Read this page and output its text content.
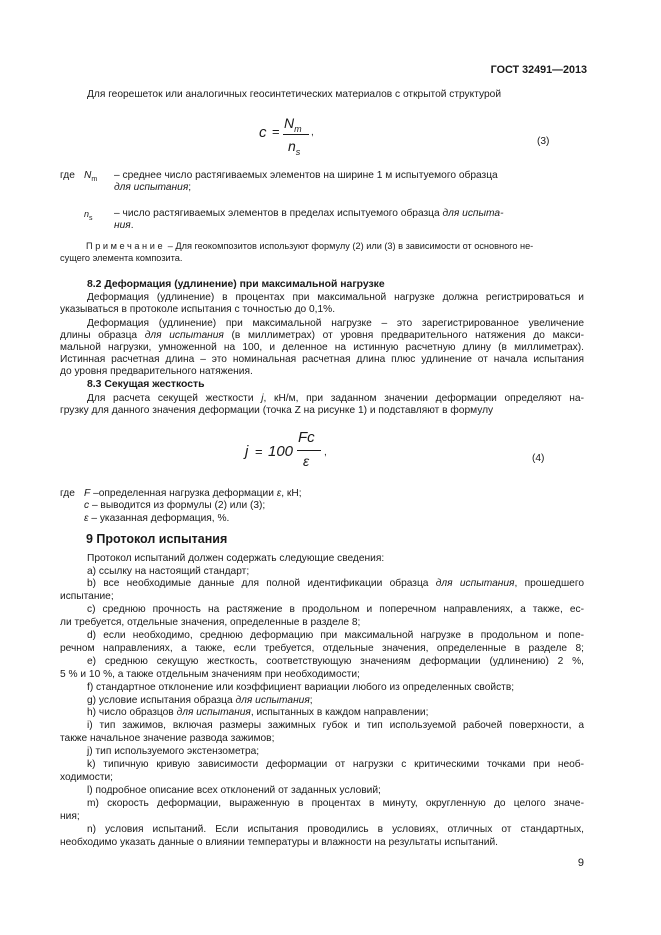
ГОСТ 32491—2013
Для георешеток или аналогичных геосинтетических материалов с открытой структурой
c =
$N_m$
$n_s$
,
(3)
где $N_m$ – среднее число растягиваемых элементов на ширине 1 м испытуемого образца
для испытания;
$n_s$ – число растягиваемых элементов в пределах испытуемого образца для испыта-
ния.
Примечание – Для геокомпозитов используют формулу (2) или (3) в зависимости от основного не-
сущего элемента композита.
8.2 Деформация (удлинение) при максимальной нагрузке
Деформация (удлинение) в процентах при максимальной нагрузке должна регистрироваться и
указываться в протоколе испытания с точностью до 0,1%.
Деформация (удлинение) при максимальной нагрузке – это зарегистрированное увеличение
длины образца для испытания (в миллиметрах) от уровня предварительного натяжения до макси-
мальной нагрузки, умноженной на 100, и деленное на истинную расчетную длину (в миллиметрах).
Истинная расчетная длина – это номинальная расчетная длина плюс удлинение от начала испытания
до уровня предварительного натяжения.
8.3 Секущая жесткость
Для расчета секущей жесткости j, кН/м, при заданном значении деформации определяют на-
грузку для данного значения деформации (точка Z на рисунке 1) и подставляют в формулу
j = 100
Fc
ε
,
(4)
где F –определенная нагрузка деформации ε, кН;
c – выводится из формулы (2) или (3);
ε – указанная деформация, %.
9 Протокол испытания
Протокол испытаний должен содержать следующие сведения:
а) ссылку на настоящий стандарт;
b) все необходимые данные для полной идентификации образца для испытания, прошедшего
испытание;
c) среднюю прочность на растяжение в продольном и поперечном направлениях, а также, ес-
ли требуется, отдельные значения, определенные в разделе 8;
d) если необходимо, среднюю деформацию при максимальной нагрузке в продольном и попе-
речном направлениях, а также, если требуется, отдельные значения, определенные в разделе 8;
е) среднюю секущую жесткость, соответствующую значениям деформации (удлинению) 2 %,
5 % и 10 %, а также отдельным значениям при необходимости;
f) стандартное отклонение или коэффициент вариации любого из определенных свойств;
g) условие испытания образца для испытания;
h) число образцов для испытания, испытанных в каждом направлении;
i) тип зажимов, включая размеры зажимных губок и тип используемой рабочей поверхности, а
также начальное значение развода зажимов;
j) тип используемого экстензометра;
k) типичную кривую зависимости деформации от нагрузки с критическими точками при необ-
ходимости;
l) подробное описание всех отклонений от заданных условий;
m) скорость деформации, выраженную в процентах в минуту, округленную до целого значе-
ния;
n) условия испытаний. Если испытания проводились в условиях, отличных от стандартных,
необходимо указать данные о влиянии температуры и влажности на результаты испытаний.
9
